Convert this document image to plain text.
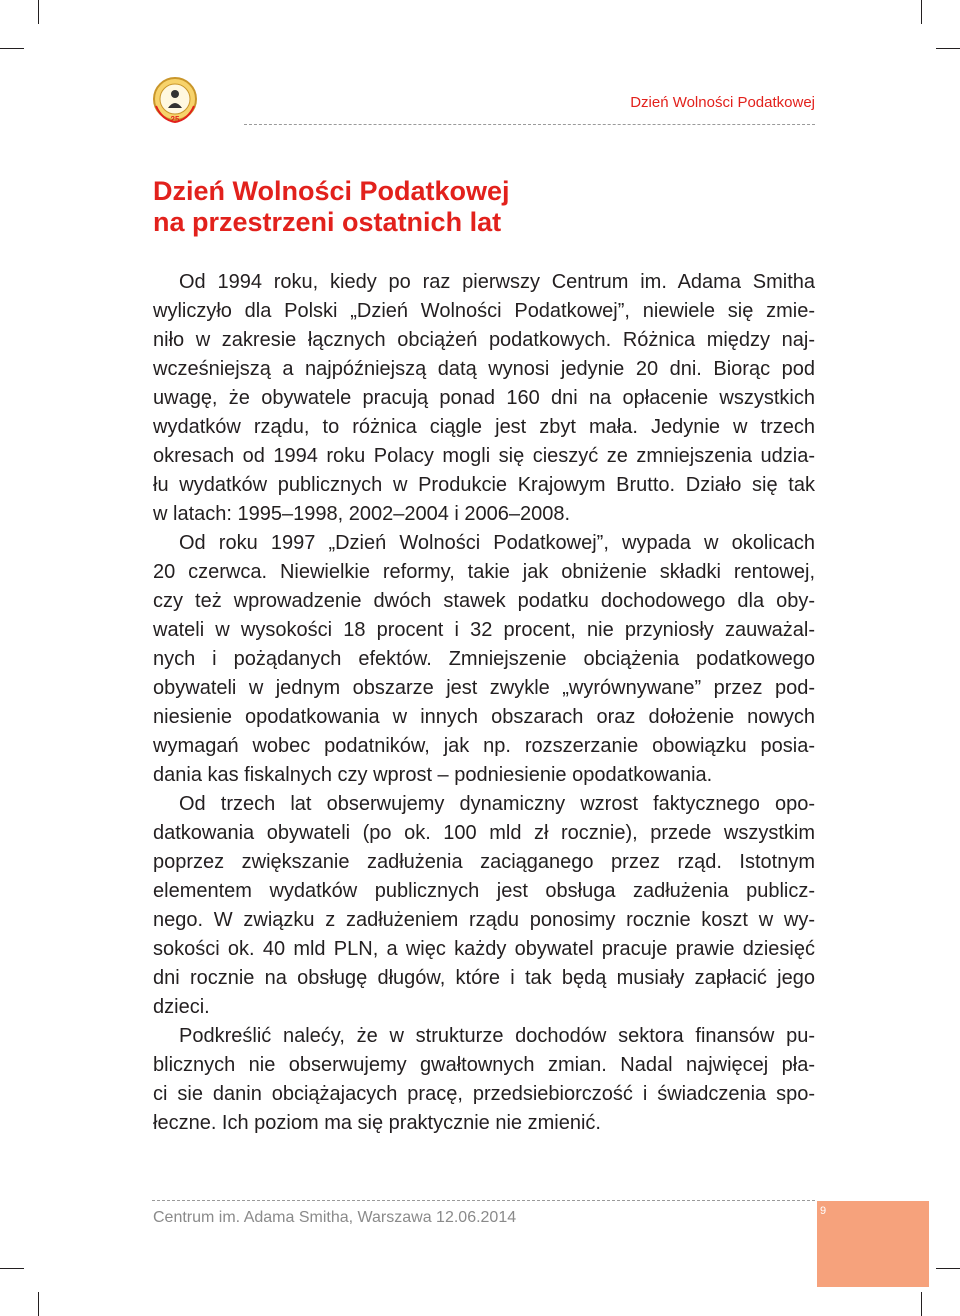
25
Dzień Wolności Podatkowej
Dzień Wolności Podatkowej
na przestrzeni ostatnich lat
Od 1994 roku, kiedy po raz pierwszy Centrum im. Adama Smitha
wyliczyło dla Polski „Dzień Wolności Podatkowej”, niewiele się zmie-
niło w zakresie łącznych obciążeń podatkowych. Różnica między naj-
wcześniejszą a najpóźniejszą datą wynosi jedynie 20 dni. Biorąc pod
uwagę, że obywatele pracują ponad 160 dni na opłacenie wszystkich
wydatków rządu, to różnica ciągle jest zbyt mała. Jedynie w trzech
okresach od 1994 roku Polacy mogli się cieszyć ze zmniejszenia udzia-
łu wydatków publicznych w Produkcie Krajowym Brutto. Działo się tak
w latach: 1995–1998, 2002–2004 i 2006–2008.
Od roku 1997 „Dzień Wolności Podatkowej”, wypada w okolicach
20 czerwca. Niewielkie reformy, takie jak obniżenie składki rentowej,
czy też wprowadzenie dwóch stawek podatku dochodowego dla oby-
wateli w wysokości 18 procent i 32 procent, nie przyniosły zauważal-
nych i pożądanych efektów. Zmniejszenie obciążenia podatkowego
obywateli w jednym obszarze jest zwykle „wyrównywane” przez pod-
niesienie opodatkowania w innych obszarach oraz dołożenie nowych
wymagań wobec podatników, jak np. rozszerzanie obowiązku posia-
dania kas fiskalnych czy wprost – podniesienie opodatkowania.
Od trzech lat obserwujemy dynamiczny wzrost faktycznego opo-
datkowania obywateli (po ok. 100 mld zł rocznie), przede wszystkim
poprzez zwiększanie zadłużenia zaciąganego przez rząd. Istotnym
elementem wydatków publicznych jest obsługa zadłużenia publicz-
nego. W związku z zadłużeniem rządu ponosimy rocznie koszt w wy-
sokości ok. 40 mld PLN, a więc każdy obywatel pracuje prawie dziesięć
dni rocznie na obsługę długów, które i tak będą musiały zapłacić jego
dzieci.
Podkreślić nalećy, że w strukturze dochodów sektora finansów pu-
blicznych nie obserwujemy gwałtownych zmian. Nadal najwięcej pła-
ci sie danin obciążajacych pracę, przedsiebiorczość i świadczenia spo-
łeczne. Ich poziom ma się praktycznie nie zmienić.
Centrum im. Adama Smitha, Warszawa 12.06.2014	9
